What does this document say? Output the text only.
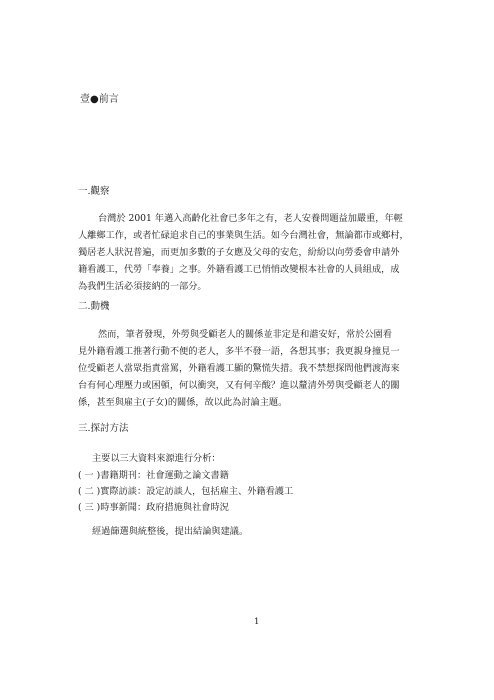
壹●前言

一.觀察

台灣於 2001 年邁入高齡化社會已多年之有，老人安養問題益加嚴重，年輕
人離鄉工作，或者忙碌追求自己的事業與生活。如今台灣社會，無論都市或鄉村，
獨居老人狀況普遍，而更加多數的子女應及父母的安危，紛紛以向勞委會申請外
籍看護工，代勞「奉養」之事。外籍看護工已悄悄改變根本社會的人員組成，成
為我們生活必須接納的一部分。

二.動機

然而，筆者發現，外勞與受顧老人的關係並非定是和諧安好，常於公園看
見外籍看護工推著行動不便的老人，多半不發一語，各想其事；我更親身撞見一
位受顧老人當眾指責當罵，外籍看護工顯的驚慌失措。我不禁想探問他們渡海來
台有何心理壓力或困頓，何以衝突，又有何辛酸？進以釐清外勞與受顧老人的關
係，甚至與雇主(子女)的關係，故以此為討論主題。

三.探討方法

主要以三大資料來源進行分析：

( 一 )書籍期刊：社會運動之論文書籍

( 二 )實際訪談：設定訪談人，包括雇主、外籍看護工

( 三 )時事新聞：政府措施與社會時況

經過篩選與統整後，提出結論與建議。

1
